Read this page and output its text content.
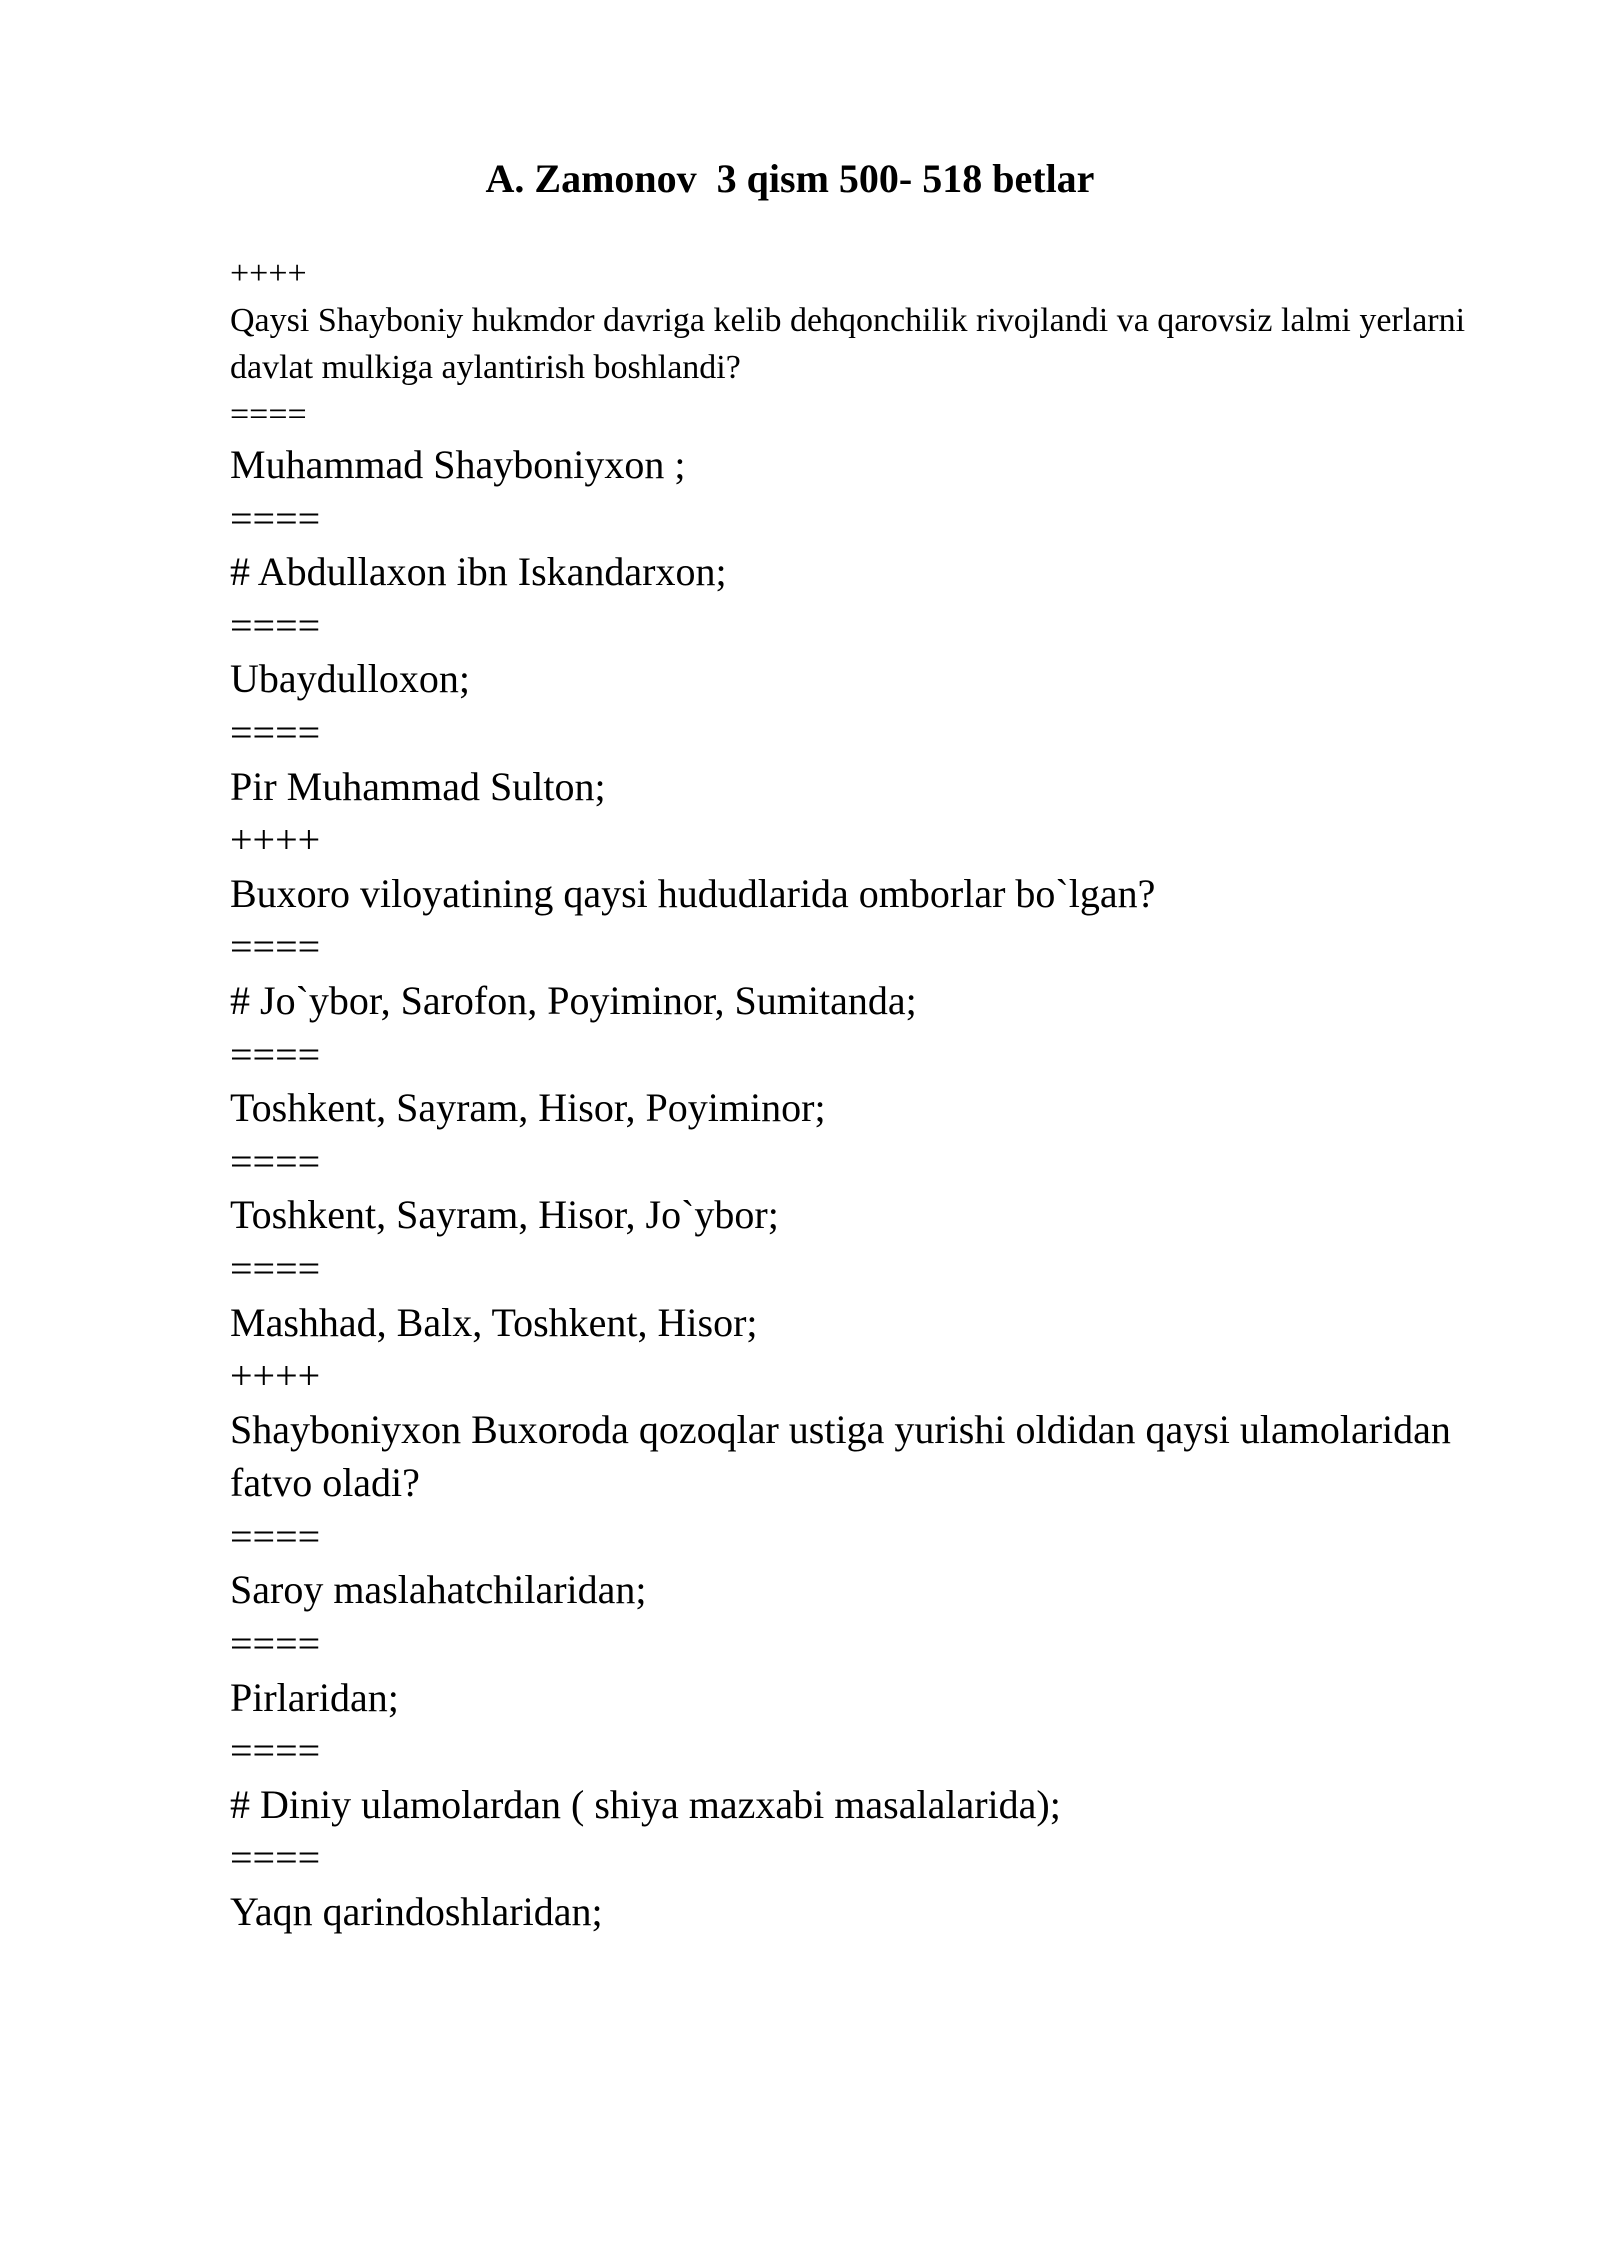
A. Zamonov  3 qism 500- 518 betlar
++++
Qaysi Shayboniy hukmdor davriga kelib dehqonchilik rivojlandi va qarovsiz lalmi yerlarni davlat mulkiga aylantirish boshlandi?
====
Muhammad Shayboniyxon ;
====
# Abdullaxon ibn Iskandarxon;
====
Ubaydulloxon;
====
Pir Muhammad Sulton;
++++
Buxoro viloyatining qaysi hududlarida omborlar bo`lgan?
====
# Jo`ybor, Sarofon, Poyiminor, Sumitanda;
====
Toshkent, Sayram, Hisor, Poyiminor;
====
Toshkent, Sayram, Hisor, Jo`ybor;
====
Mashhad, Balx, Toshkent, Hisor;
++++
Shayboniyxon Buxoroda qozoqlar ustiga yurishi oldidan qaysi ulamolaridan fatvo oladi?
====
Saroy maslahatchilaridan;
====
Pirlaridan;
====
# Diniy ulamolardan ( shiya mazxabi masalalarida);
====
Yaqn qarindoshlaridan;
